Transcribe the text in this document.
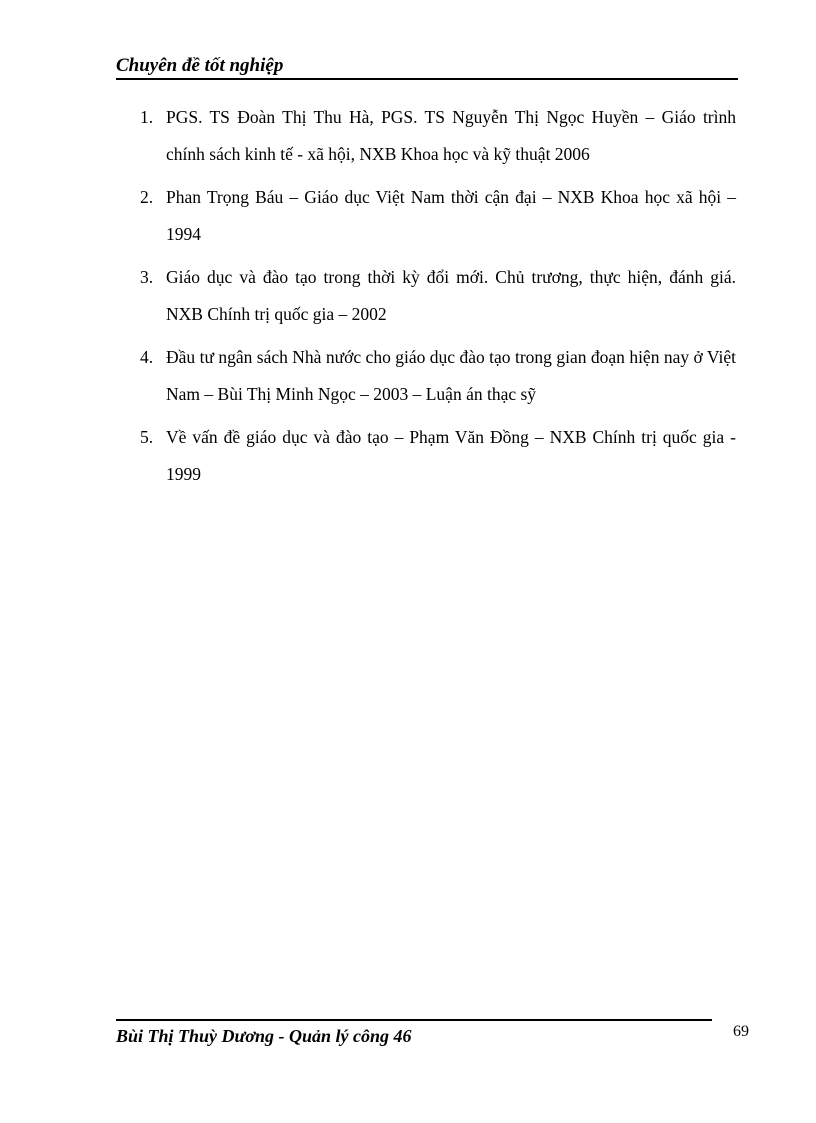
Chuyên đề tốt nghiệp
1. PGS. TS Đoàn Thị Thu Hà, PGS. TS Nguyễn Thị Ngọc Huyền – Giáo trình chính sách kinh tế - xã hội, NXB Khoa học và kỹ thuật 2006
2. Phan Trọng Báu – Giáo dục Việt Nam thời cận đại – NXB Khoa học xã hội – 1994
3. Giáo dục và đào tạo trong thời kỳ đổi mới. Chủ trương, thực hiện, đánh giá. NXB Chính trị quốc gia – 2002
4. Đầu tư ngân sách Nhà nước cho giáo dục đào tạo trong gian đoạn hiện nay ở Việt Nam – Bùi Thị Minh Ngọc – 2003 – Luận án thạc sỹ
5. Về vấn đề giáo dục và đào tạo – Phạm Văn Đồng – NXB Chính trị quốc gia - 1999
Bùi Thị Thuỳ Dương - Quản lý công 46	69
